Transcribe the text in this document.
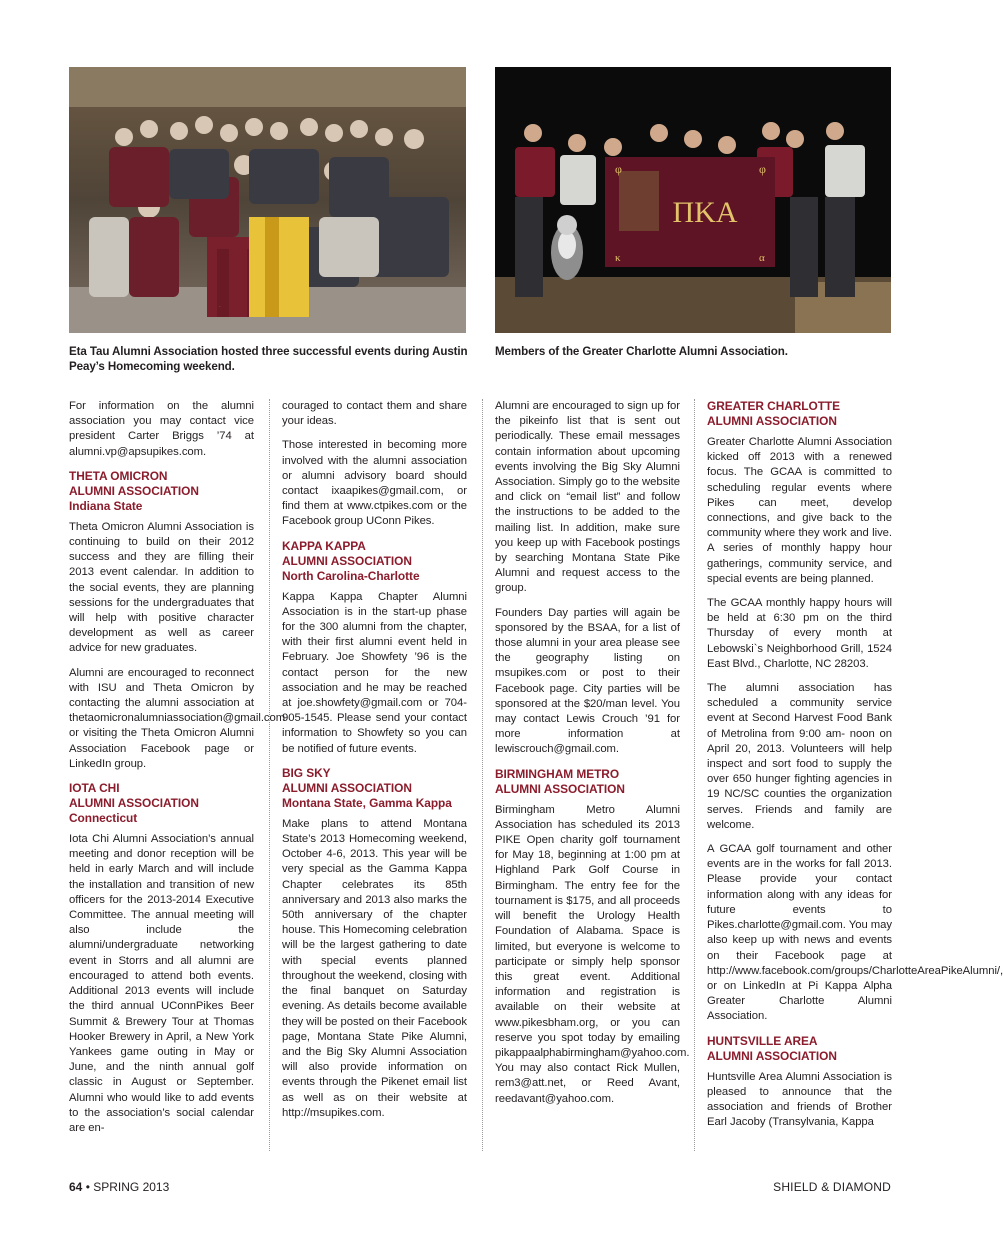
ΠK
ΠΚΑ
φ	φ
κ	α
Eta Tau Alumni Association hosted three successful events during Austin Peay’s Homecoming weekend.
Members of the Greater Charlotte Alumni Association.

For information on the alumni association you may contact vice president Carter Briggs ’74 at alumni.vp@apsupikes.com.

THETA OMICRON
ALUMNI ASSOCIATION
Indiana State

Theta Omicron Alumni Association is continuing to build on their 2012 success and they are filling their 2013 event calendar. In addition to the social events, they are planning sessions for the undergraduates that will help with positive character development as well as career advice for new graduates.

Alumni are encouraged to reconnect with ISU and Theta Omicron by contacting the alumni association at thetaomicronalumniassociation@gmail.com or visiting the Theta Omicron Alumni Association Facebook page or LinkedIn group.

IOTA CHI
ALUMNI ASSOCIATION
Connecticut

Iota Chi Alumni Association’s annual meeting and donor reception will be held in early March and will include the installation and transition of new officers for the 2013-2014 Executive Committee. The annual meeting will also include the alumni/undergraduate networking event in Storrs and all alumni are encouraged to attend both events. Additional 2013 events will include the third annual UConnPikes Beer Summit & Brewery Tour at Thomas Hooker Brewery in April, a New York Yankees game outing in May or June, and the ninth annual golf classic in August or September. Alumni who would like to add events to the association’s social calendar are en-

couraged to contact them and share your ideas.

Those interested in becoming more involved with the alumni association or alumni advisory board should contact ixaapikes@gmail.com, or find them at www.ctpikes.com or the Facebook group UConn Pikes.

KAPPA KAPPA
ALUMNI ASSOCIATION
North Carolina-Charlotte

Kappa Kappa Chapter Alumni Association is in the start-up phase for the 300 alumni from the chapter, with their first alumni event held in February. Joe Showfety ’96 is the contact person for the new association and he may be reached at joe.showfety@gmail.com or 704-905-1545. Please send your contact information to Showfety so you can be notified of future events.

BIG SKY
ALUMNI ASSOCIATION
Montana State, Gamma Kappa

Make plans to attend Montana State’s 2013 Homecoming weekend, October 4-6, 2013. This year will be very special as the Gamma Kappa Chapter celebrates its 85th anniversary and 2013 also marks the 50th anniversary of the chapter house. This Homecoming celebration will be the largest gathering to date with special events planned throughout the weekend, closing with the final banquet on Saturday evening. As details become available they will be posted on their Facebook page, Montana State Pike Alumni, and the Big Sky Alumni Association will also provide information on events through the Pikenet email list as well as on their website at http://msupikes.com.

Alumni are encouraged to sign up for the pikeinfo list that is sent out periodically. These email messages contain information about upcoming events involving the Big Sky Alumni Association. Simply go to the website and click on “email list” and follow the instructions to be added to the mailing list. In addition, make sure you keep up with Facebook postings by searching Montana State Pike Alumni and request access to the group.

Founders Day parties will again be sponsored by the BSAA, for a list of those alumni in your area please see the geography listing on msupikes.com or post to their Facebook page. City parties will be sponsored at the $20/man level. You may contact Lewis Crouch ’91 for more information at lewiscrouch@gmail.com.

BIRMINGHAM METRO
ALUMNI ASSOCIATION

Birmingham Metro Alumni Association has scheduled its 2013 PIKE Open charity golf tournament for May 18, beginning at 1:00 pm at Highland Park Golf Course in Birmingham. The entry fee for the tournament is $175, and all proceeds will benefit the Urology Health Foundation of Alabama. Space is limited, but everyone is welcome to participate or simply help sponsor this great event. Additional information and registration is available on their website at www.pikesbham.org, or you can reserve you spot today by emailing pikappaalphabirmingham@yahoo.com. You may also contact Rick Mullen, rem3@att.net, or Reed Avant, reedavant@yahoo.com.

GREATER CHARLOTTE
ALUMNI ASSOCIATION

Greater Charlotte Alumni Association kicked off 2013 with a renewed focus. The GCAA is committed to scheduling regular events where Pikes can meet, develop connections, and give back to the community where they work and live. A series of monthly happy hour gatherings, community service, and special events are being planned.

The GCAA monthly happy hours will be held at 6:30 pm on the third Thursday of every month at Lebowski`s Neighborhood Grill, 1524 East Blvd., Charlotte, NC 28203.

The alumni association has scheduled a community service event at Second Harvest Food Bank of Metrolina from 9:00 am- noon on April 20, 2013. Volunteers will help inspect and sort food to supply the over 650 hunger fighting agencies in 19 NC/SC counties the organization serves. Friends and family are welcome.

A GCAA golf tournament and other events are in the works for fall 2013. Please provide your contact information along with any ideas for future events to Pikes.charlotte@gmail.com. You may also keep up with news and events on their Facebook page at http://www.facebook.com/groups/CharlotteAreaPikeAlumni/, or on LinkedIn at Pi Kappa Alpha Greater Charlotte Alumni Association.

HUNTSVILLE AREA
ALUMNI ASSOCIATION

Huntsville Area Alumni Association is pleased to announce that the association and friends of Brother Earl Jacoby (Transylvania, Kappa

64 • SPRING 2013	SHIELD & DIAMOND
